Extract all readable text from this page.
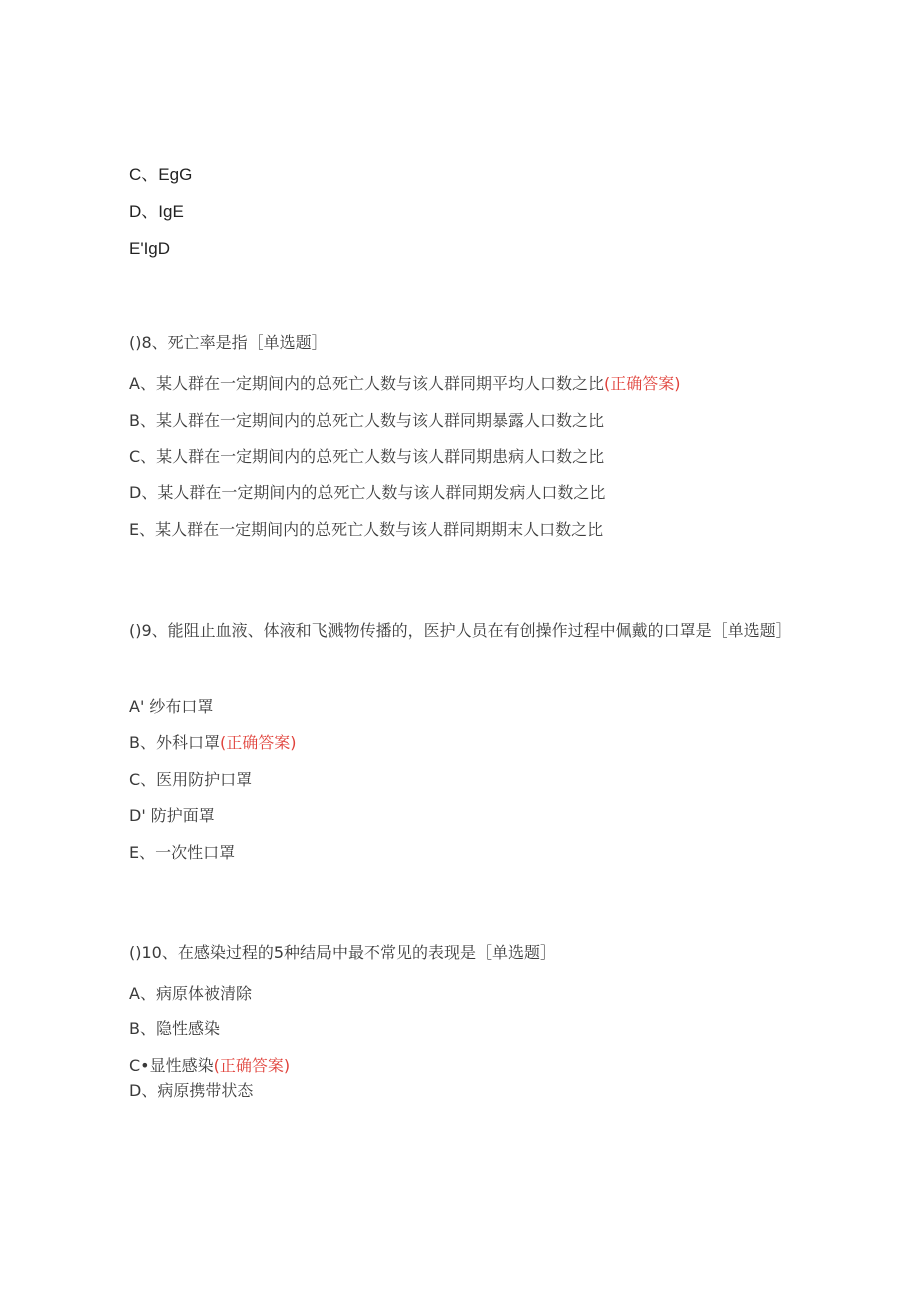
C、EgG
D、IgE
E'IgD
()8、死亡率是指［单选题］
A、某人群在一定期间内的总死亡人数与该人群同期平均人口数之比(正确答案)
B、某人群在一定期间内的总死亡人数与该人群同期暴露人口数之比
C、某人群在一定期间内的总死亡人数与该人群同期患病人口数之比
D、某人群在一定期间内的总死亡人数与该人群同期发病人口数之比
E、某人群在一定期间内的总死亡人数与该人群同期期末人口数之比
()9、能阻止血液、体液和飞溅物传播的，医护人员在有创操作过程中佩戴的口罩是［单选题］
A' 纱布口罩
B、外科口罩(正确答案)
C、医用防护口罩
D' 防护面罩
E、一次性口罩
()10、在感染过程的5种结局中最不常见的表现是［单选题］
A、病原体被清除
B、隐性感染
C•显性感染(正确答案)
D、病原携带状态
